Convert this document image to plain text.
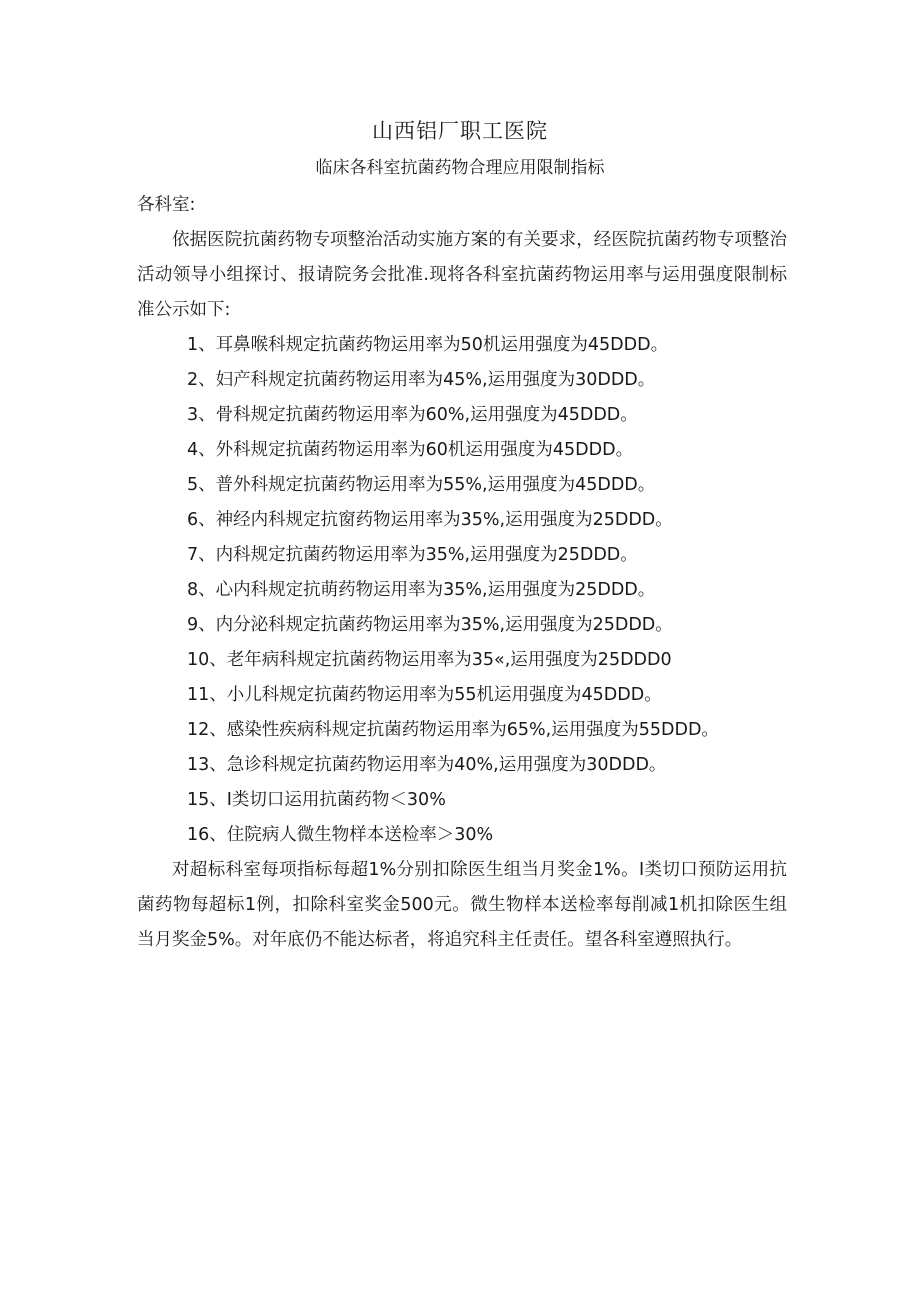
山西铝厂职工医院
临床各科室抗菌药物合理应用限制指标

各科室:

依据医院抗菌药物专项整治活动实施方案的有关要求，经医院抗菌药物专项整治活动领导小组探讨、报请院务会批准.现将各科室抗菌药物运用率与运用强度限制标准公示如下:

1、耳鼻喉科规定抗菌药物运用率为50机运用强度为45DDD。
2、妇产科规定抗菌药物运用率为45%,运用强度为30DDD。
3、骨科规定抗菌药物运用率为60%,运用强度为45DDD。
4、外科规定抗菌药物运用率为60机运用强度为45DDD。
5、普外科规定抗菌药物运用率为55%,运用强度为45DDD。
6、神经内科规定抗窗药物运用率为35%,运用强度为25DDD。
7、内科规定抗菌药物运用率为35%,运用强度为25DDD。
8、心内科规定抗萌药物运用率为35%,运用强度为25DDD。
9、内分泌科规定抗菌药物运用率为35%,运用强度为25DDD。
10、老年病科规定抗菌药物运用率为35«,运用强度为25DDD0
11、小儿科规定抗菌药物运用率为55机运用强度为45DDD。
12、感染性疾病科规定抗菌药物运用率为65%,运用强度为55DDD。
13、急诊科规定抗菌药物运用率为40%,运用强度为30DDD。
15、I类切口运用抗菌药物＜30%
16、住院病人微生物样本送检率＞30%

对超标科室每项指标每超1%分别扣除医生组当月奖金1%。I类切口预防运用抗菌药物每超标1例，扣除科室奖金500元。微生物样本送检率每削减1机扣除医生组当月奖金5%。对年底仍不能达标者，将追究科主任责任。望各科室遵照执行。
